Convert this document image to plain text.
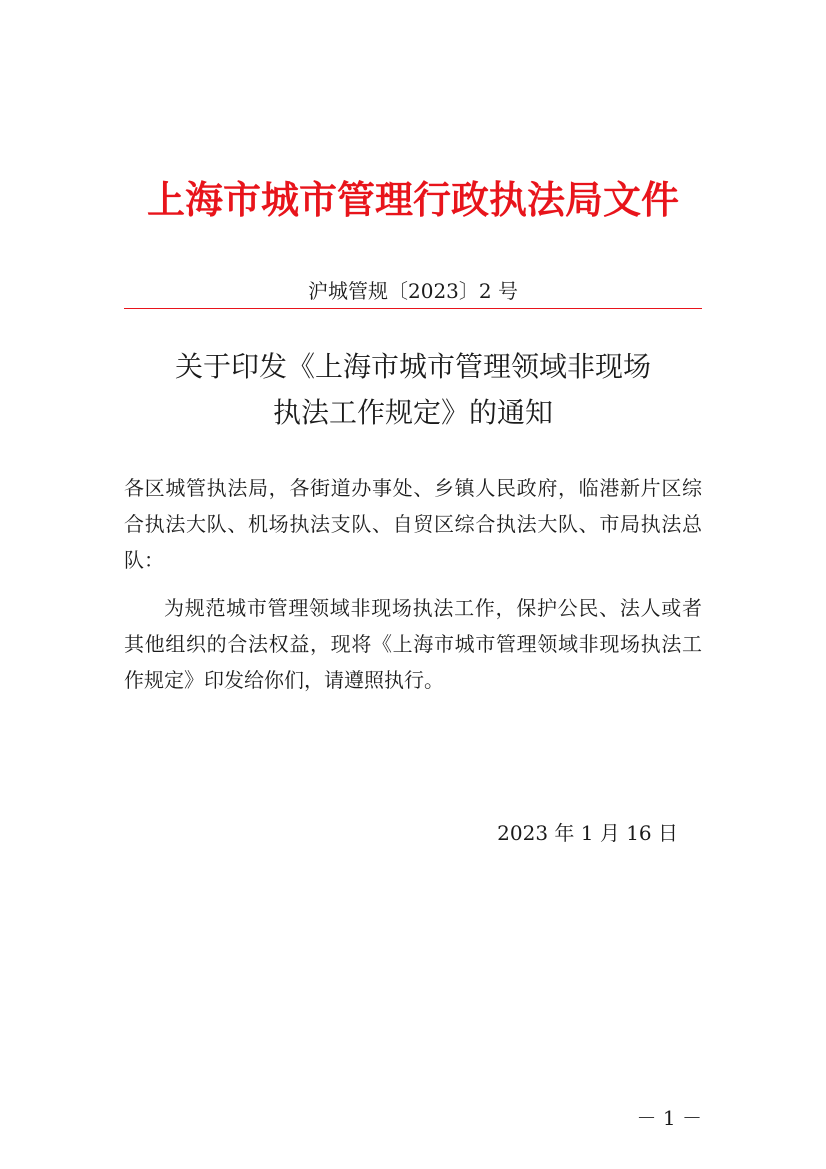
上海市城市管理行政执法局文件
沪城管规〔2023〕2 号
关于印发《上海市城市管理领域非现场
执法工作规定》的通知
各区城管执法局，各街道办事处、乡镇人民政府，临港新片区综合执法大队、机场执法支队、自贸区综合执法大队、市局执法总队：
为规范城市管理领域非现场执法工作，保护公民、法人或者其他组织的合法权益，现将《上海市城市管理领域非现场执法工作规定》印发给你们，请遵照执行。
2023 年 1 月 16 日
－ 1 －
